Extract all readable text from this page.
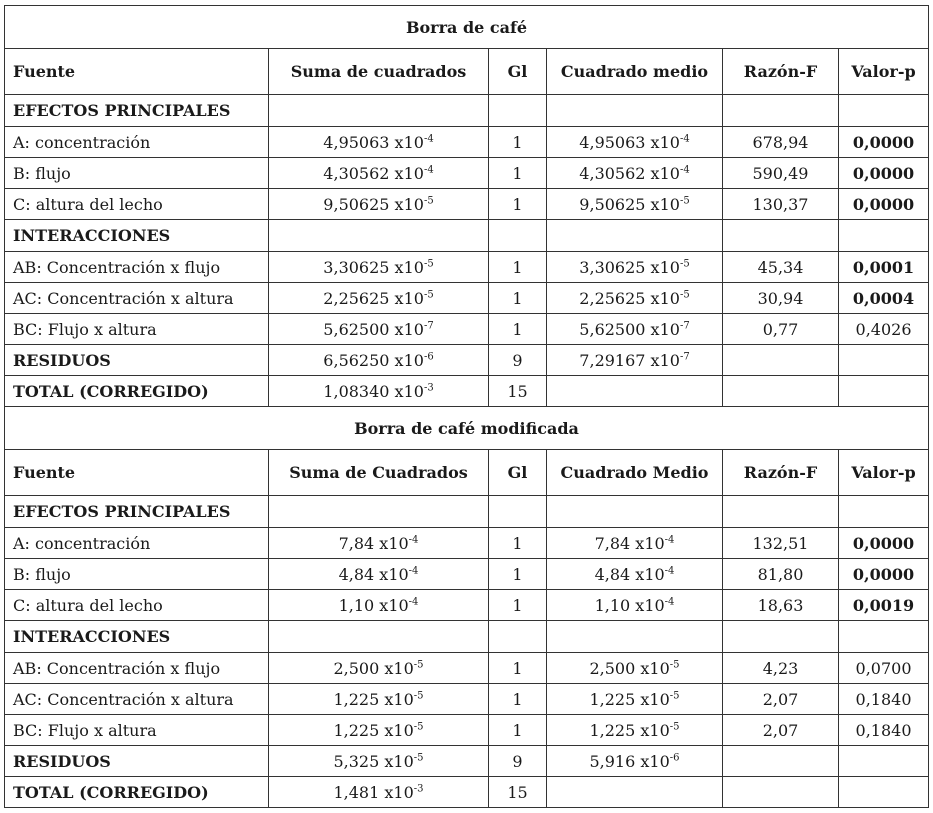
Borra de café					
Fuente	Suma de cuadrados	Gl	Cuadrado medio	Razón-F	Valor-p
EFECTOS PRINCIPALES					
A: concentración	4,95063 $x10^{-4}$	1	4,95063 $x10^{-4}$	678,94	0,0000
B: flujo	4,30562 $x10^{-4}$	1	4,30562 $x10^{-4}$	590,49	0,0000
C: altura del lecho	9,50625 $x10^{-5}$	1	9,50625 $x10^{-5}$	130,37	0,0000
INTERACCIONES					
AB: Concentración x flujo	3,30625 $x10^{-5}$	1	3,30625 $x10^{-5}$	45,34	0,0001
AC: Concentración x altura	2,25625 $x10^{-5}$	1	2,25625 $x10^{-5}$	30,94	0,0004
BC: Flujo x altura	5,62500 $x10^{-7}$	1	5,62500 $x10^{-7}$	0,77	0,4026
RESIDUOS	6,56250 $x10^{-6}$	9	7,29167 $x10^{-7}$		
TOTAL (CORREGIDO)	1,08340 $x10^{-3}$	15			
Borra de café modificada					
Fuente	Suma de Cuadrados	Gl	Cuadrado Medio	Razón-F	Valor-p
EFECTOS PRINCIPALES					
A: concentración	7,84 $x10^{-4}$	1	7,84 $x10^{-4}$	132,51	0,0000
B: flujo	4,84 $x10^{-4}$	1	4,84 $x10^{-4}$	81,80	0,0000
C: altura del lecho	1,10 $x10^{-4}$	1	1,10 $x10^{-4}$	18,63	0,0019
INTERACCIONES					
AB: Concentración x flujo	2,500 $x10^{-5}$	1	2,500 $x10^{-5}$	4,23	0,0700
AC: Concentración x altura	1,225 $x10^{-5}$	1	1,225 $x10^{-5}$	2,07	0,1840
BC: Flujo x altura	1,225 $x10^{-5}$	1	1,225 $x10^{-5}$	2,07	0,1840
RESIDUOS	5,325 $x10^{-5}$	9	5,916 $x10^{-6}$		
TOTAL (CORREGIDO)	1,481 $x10^{-3}$	15			
